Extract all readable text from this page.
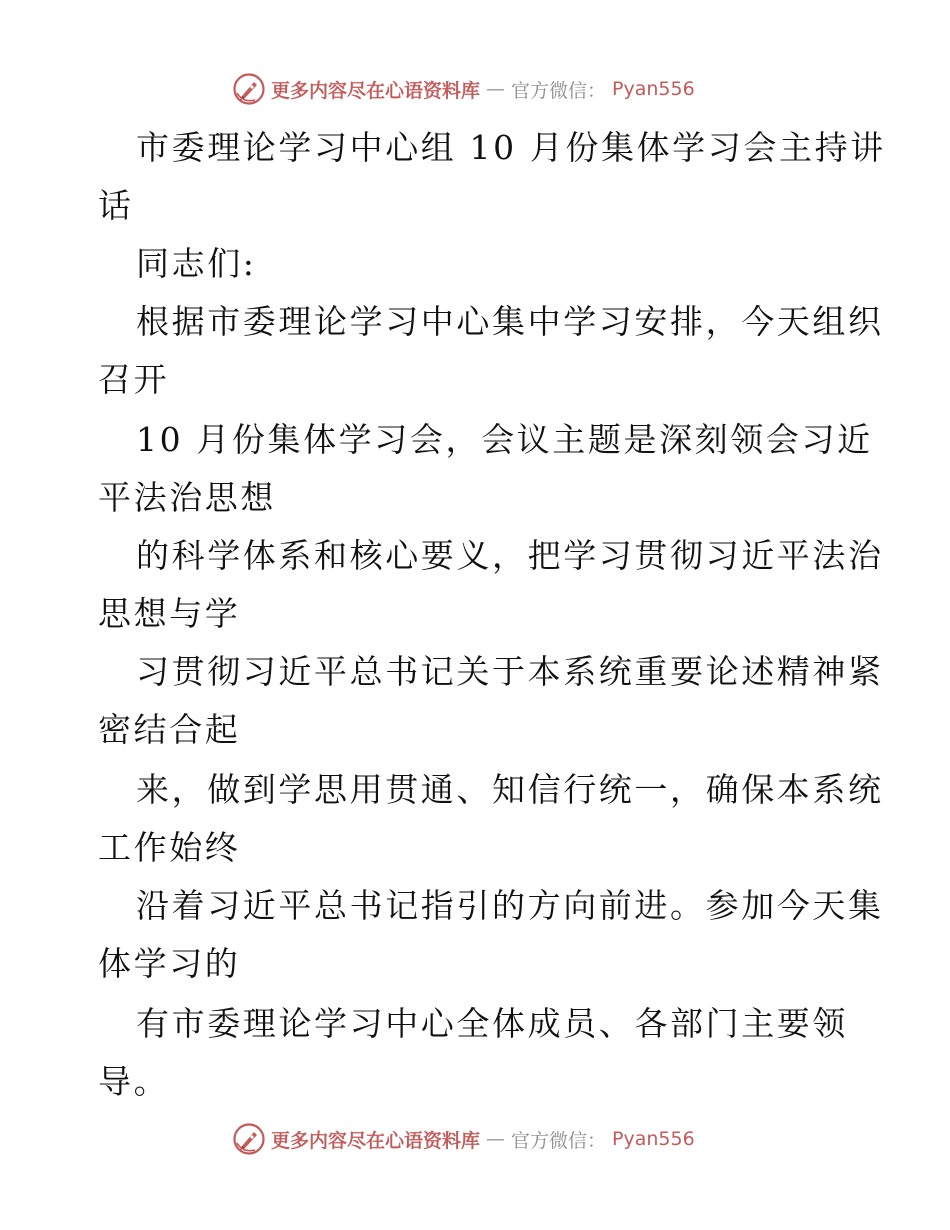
更多内容尽在心语资料库 — 官方微信： Pyan556
市委理论学习中心组 10 月份集体学习会主持讲
话
同志们:
根据市委理论学习中心集中学习安排，今天组织
召开
10 月份集体学习会，会议主题是深刻领会习近
平法治思想
的科学体系和核心要义，把学习贯彻习近平法治
思想与学
习贯彻习近平总书记关于本系统重要论述精神紧
密结合起
来，做到学思用贯通、知信行统一，确保本系统
工作始终
沿着习近平总书记指引的方向前进。参加今天集
体学习的
有市委理论学习中心全体成员、各部门主要领
导。
更多内容尽在心语资料库 — 官方微信： Pyan556
